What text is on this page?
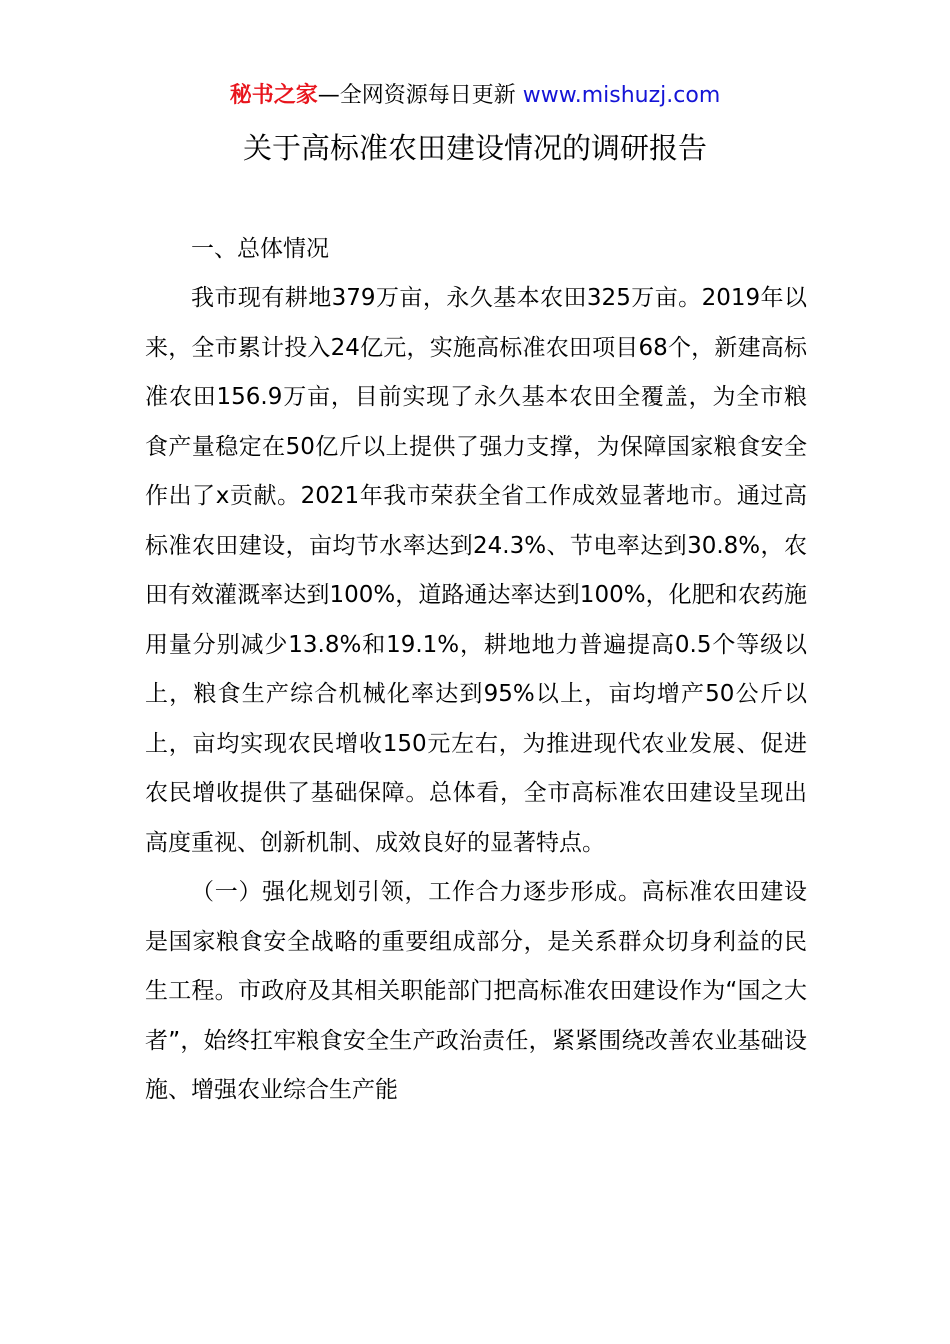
秘书之家—全网资源每日更新 www.mishuzj.com
关于高标准农田建设情况的调研报告

一、总体情况

我市现有耕地379万亩，永久基本农田325万亩。2019年以来，全市累计投入24亿元，实施高标准农田项目68个，新建高标准农田156.9万亩，目前实现了永久基本农田全覆盖，为全市粮食产量稳定在50亿斤以上提供了强力支撑，为保障国家粮食安全作出了x贡献。2021年我市荣获全省工作成效显著地市。通过高标准农田建设，亩均节水率达到24.3%、节电率达到30.8%，农田有效灌溉率达到100%，道路通达率达到100%，化肥和农药施用量分别减少13.8%和19.1%，耕地地力普遍提高0.5个等级以上，粮食生产综合机械化率达到95%以上，亩均增产50公斤以上，亩均实现农民增收150元左右，为推进现代农业发展、促进农民增收提供了基础保障。总体看，全市高标准农田建设呈现出高度重视、创新机制、成效良好的显著特点。

（一）强化规划引领，工作合力逐步形成。高标准农田建设是国家粮食安全战略的重要组成部分，是关系群众切身利益的民生工程。市政府及其相关职能部门把高标准农田建设作为“国之大者”，始终扛牢粮食安全生产政治责任，紧紧围绕改善农业基础设施、增强农业综合生产能
